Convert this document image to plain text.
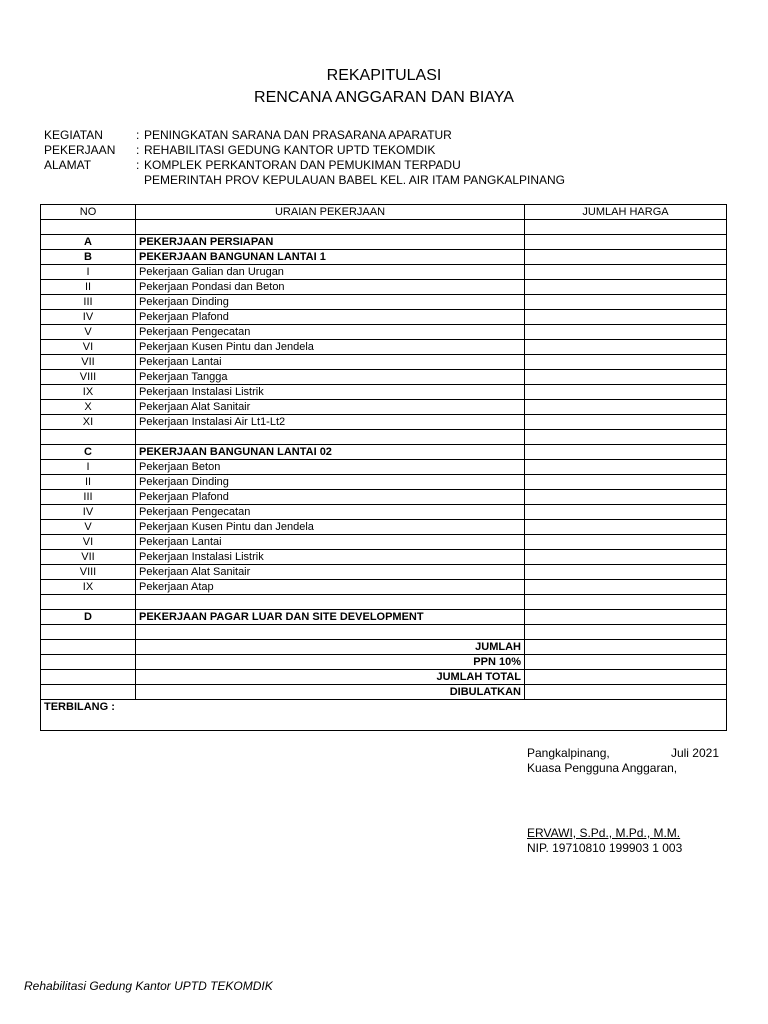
REKAPITULASI
RENCANA ANGGARAN DAN BIAYA
KEGIATAN	: PENINGKATAN SARANA DAN PRASARANA APARATUR
PEKERJAAN	: REHABILITASI GEDUNG KANTOR UPTD TEKOMDIK
ALAMAT	: KOMPLEK PERKANTORAN DAN PEMUKIMAN TERPADU
PEMERINTAH PROV KEPULAUAN BABEL KEL. AIR ITAM PANGKALPINANG
NO	URAIAN PEKERJAAN	JUMLAH HARGA

A	PEKERJAAN PERSIAPAN	
B	PEKERJAAN BANGUNAN LANTAI 1	
I	Pekerjaan Galian dan Urugan	
II	Pekerjaan Pondasi dan Beton	
III	Pekerjaan Dinding	
IV	Pekerjaan Plafond	
V	Pekerjaan Pengecatan	
VI	Pekerjaan Kusen Pintu dan Jendela	
VII	Pekerjaan Lantai	
VIII	Pekerjaan Tangga	
IX	Pekerjaan Instalasi Listrik	
X	Pekerjaan Alat Sanitair	
XI	Pekerjaan Instalasi Air Lt1-Lt2	

C	PEKERJAAN BANGUNAN LANTAI 02	
I	Pekerjaan Beton	
II	Pekerjaan Dinding	
III	Pekerjaan Plafond	
IV	Pekerjaan Pengecatan	
V	Pekerjaan Kusen Pintu dan Jendela	
VI	Pekerjaan Lantai	
VII	Pekerjaan Instalasi Listrik	
VIII	Pekerjaan Alat Sanitair	
IX	Pekerjaan Atap	

D	PEKERJAAN PAGAR LUAR DAN SITE DEVELOPMENT	

	JUMLAH	
	PPN 10%	
	JUMLAH TOTAL	
	DIBULATKAN	
TERBILANG :		
Pangkalpinang,	Juli 2021
Kuasa Pengguna Anggaran,
ERVAWI, S.Pd., M.Pd., M.M.
NIP. 19710810 199903 1 003
Rehabilitasi Gedung Kantor UPTD TEKOMDIK
